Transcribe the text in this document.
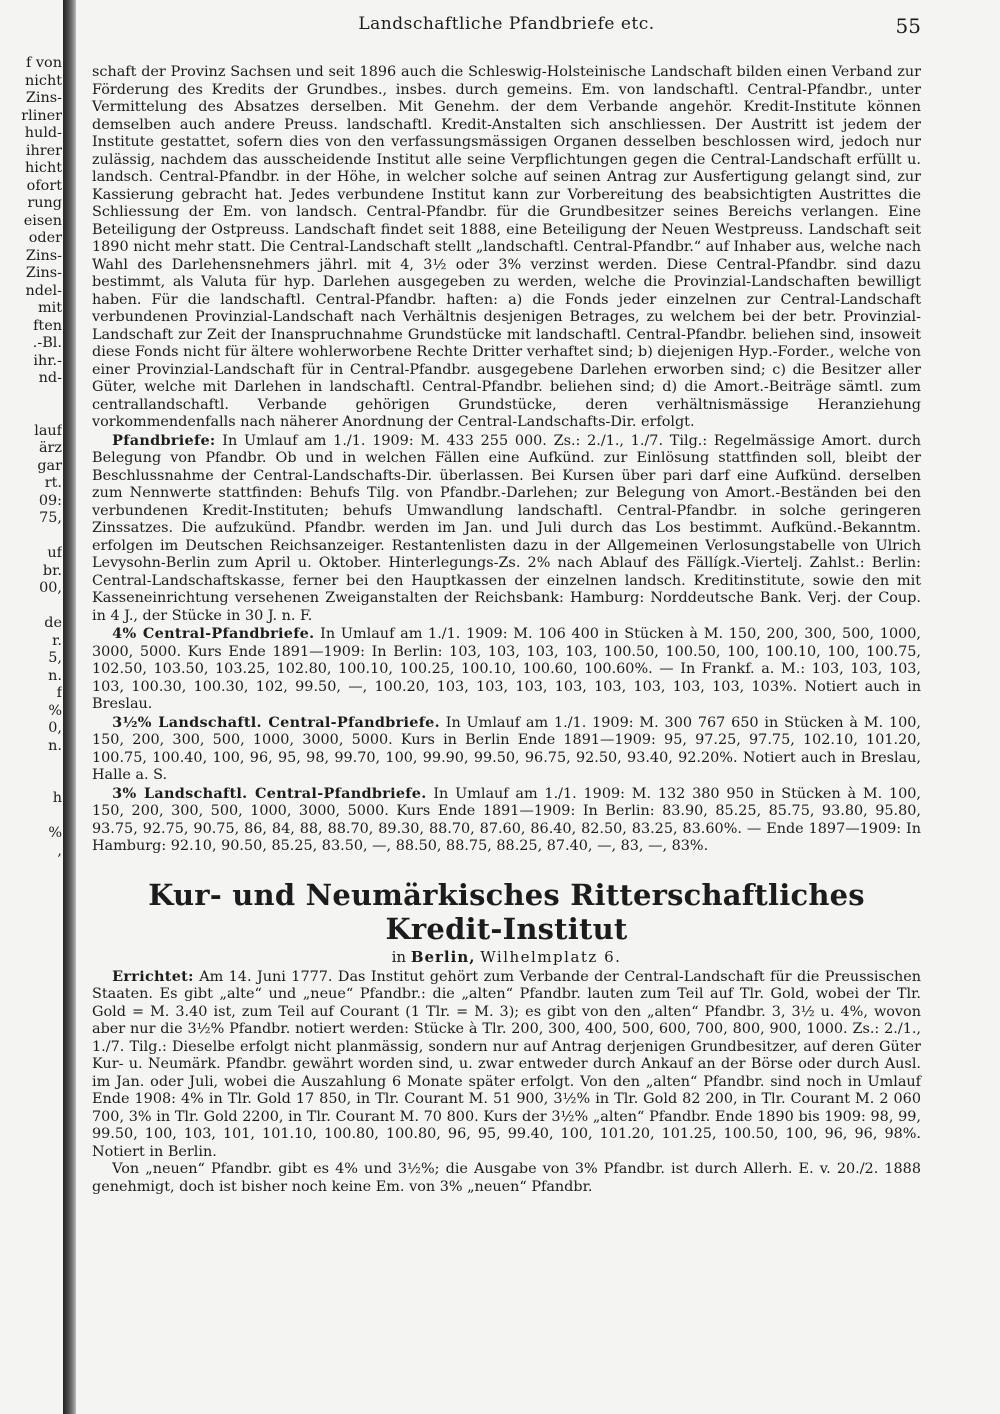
f von
nicht
Zins-
rliner
huld-
ihrer
hicht
ofort
rung
eisen
oder
Zins-
Zins-
ndel-
mit
ften
.-Bl.
ihr.-
nd-

lauf
ärz
gar
rt.
09:
75,

uf
br.
00,

de
r.
5,
n.
f
%
0,
n.

h

%
,
Landschaftliche Pfandbriefe etc.	55

schaft der Provinz Sachsen und seit 1896 auch die Schleswig-Holsteinische Landschaft bilden einen Verband zur Förderung des Kredits der Grundbes., insbes. durch gemeins. Em. von landschaftl. Central-Pfandbr., unter Vermittelung des Absatzes derselben. Mit Genehm. der dem Verbande angehör. Kredit-Institute können demselben auch andere Preuss. landschaftl. Kredit-Anstalten sich anschliessen. Der Austritt ist jedem der Institute gestattet, sofern dies von den verfassungsmässigen Organen desselben beschlossen wird, jedoch nur zulässig, nachdem das ausscheidende Institut alle seine Verpflichtungen gegen die Central-Landschaft erfüllt u. landsch. Central-Pfandbr. in der Höhe, in welcher solche auf seinen Antrag zur Ausfertigung gelangt sind, zur Kassierung gebracht hat. Jedes verbundene Institut kann zur Vorbereitung des beabsichtigten Austrittes die Schliessung der Em. von landsch. Central-Pfandbr. für die Grundbesitzer seines Bereichs verlangen. Eine Beteiligung der Ostpreuss. Landschaft findet seit 1888, eine Beteiligung der Neuen Westpreuss. Landschaft seit 1890 nicht mehr statt. Die Central-Landschaft stellt „landschaftl. Central-Pfandbr.“ auf Inhaber aus, welche nach Wahl des Darlehensnehmers jährl. mit 4, 3½ oder 3% verzinst werden. Diese Central-Pfandbr. sind dazu bestimmt, als Valuta für hyp. Darlehen ausgegeben zu werden, welche die Provinzial-Landschaften bewilligt haben. Für die landschaftl. Central-Pfandbr. haften: a) die Fonds jeder einzelnen zur Central-Landschaft verbundenen Provinzial-Landschaft nach Verhältnis desjenigen Betrages, zu welchem bei der betr. Provinzial-Landschaft zur Zeit der Inanspruchnahme Grundstücke mit landschaftl. Central-Pfandbr. beliehen sind, insoweit diese Fonds nicht für ältere wohlerworbene Rechte Dritter verhaftet sind; b) diejenigen Hyp.-Forder., welche von einer Provinzial-Landschaft für in Central-Pfandbr. ausgegebene Darlehen erworben sind; c) die Besitzer aller Güter, welche mit Darlehen in landschaftl. Central-Pfandbr. beliehen sind; d) die Amort.-Beiträge sämtl. zum centrallandschaftl. Verbande gehörigen Grundstücke, deren verhältnismässige Heranziehung vorkommendenfalls nach näherer Anordnung der Central-Landschafts-Dir. erfolgt.

Pfandbriefe: In Umlauf am 1./1. 1909: M. 433 255 000. Zs.: 2./1., 1./7. Tilg.: Regelmässige Amort. durch Belegung von Pfandbr. Ob und in welchen Fällen eine Aufkünd. zur Einlösung stattfinden soll, bleibt der Beschlussnahme der Central-Landschafts-Dir. überlassen. Bei Kursen über pari darf eine Aufkünd. derselben zum Nennwerte stattfinden: Behufs Tilg. von Pfandbr.-Darlehen; zur Belegung von Amort.-Beständen bei den verbundenen Kredit-Instituten; behufs Umwandlung landschaftl. Central-Pfandbr. in solche geringeren Zinssatzes. Die aufzukünd. Pfandbr. werden im Jan. und Juli durch das Los bestimmt. Aufkünd.-Bekanntm. erfolgen im Deutschen Reichsanzeiger. Restantenlisten dazu in der Allgemeinen Verlosungstabelle von Ulrich Levysohn-Berlin zum April u. Oktober. Hinterlegungs-Zs. 2% nach Ablauf des Fällígk.-Viertelj. Zahlst.: Berlin: Central-Landschaftskasse, ferner bei den Hauptkassen der einzelnen landsch. Kreditinstitute, sowie den mit Kasseneinrichtung versehenen Zweiganstalten der Reichsbank: Hamburg: Norddeutsche Bank. Verj. der Coup. in 4 J., der Stücke in 30 J. n. F.

4% Central-Pfandbriefe. In Umlauf am 1./1. 1909: M. 106 400 in Stücken à M. 150, 200, 300, 500, 1000, 3000, 5000. Kurs Ende 1891—1909: In Berlin: 103, 103, 103, 103, 100.50, 100.50, 100, 100.10, 100, 100.75, 102.50, 103.50, 103.25, 102.80, 100.10, 100.25, 100.10, 100.60, 100.60%. — In Frankf. a. M.: 103, 103, 103, 103, 100.30, 100.30, 102, 99.50, —, 100.20, 103, 103, 103, 103, 103, 103, 103, 103, 103%. Notiert auch in Breslau.

3½% Landschaftl. Central-Pfandbriefe. In Umlauf am 1./1. 1909: M. 300 767 650 in Stücken à M. 100, 150, 200, 300, 500, 1000, 3000, 5000. Kurs in Berlin Ende 1891—1909: 95, 97.25, 97.75, 102.10, 101.20, 100.75, 100.40, 100, 96, 95, 98, 99.70, 100, 99.90, 99.50, 96.75, 92.50, 93.40, 92.20%. Notiert auch in Breslau, Halle a. S.

3% Landschaftl. Central-Pfandbriefe. In Umlauf am 1./1. 1909: M. 132 380 950 in Stücken à M. 100, 150, 200, 300, 500, 1000, 3000, 5000. Kurs Ende 1891—1909: In Berlin: 83.90, 85.25, 85.75, 93.80, 95.80, 93.75, 92.75, 90.75, 86, 84, 88, 88.70, 89.30, 88.70, 87.60, 86.40, 82.50, 83.25, 83.60%. — Ende 1897—1909: In Hamburg: 92.10, 90.50, 85.25, 83.50, —, 88.50, 88.75, 88.25, 87.40, —, 83, —, 83%.

Kur- und Neumärkisches Ritterschaftliches Kredit-Institut
in Berlin, Wilhelmplatz 6.

Errichtet: Am 14. Juni 1777. Das Institut gehört zum Verbande der Central-Landschaft für die Preussischen Staaten. Es gibt „alte“ und „neue“ Pfandbr.: die „alten“ Pfandbr. lauten zum Teil auf Tlr. Gold, wobei der Tlr. Gold = M. 3.40 ist, zum Teil auf Courant (1 Tlr. = M. 3); es gibt von den „alten“ Pfandbr. 3, 3½ u. 4%, wovon aber nur die 3½% Pfandbr. notiert werden: Stücke à Tlr. 200, 300, 400, 500, 600, 700, 800, 900, 1000. Zs.: 2./1., 1./7. Tilg.: Dieselbe erfolgt nicht planmässig, sondern nur auf Antrag derjenigen Grundbesitzer, auf deren Güter Kur- u. Neumärk. Pfandbr. gewährt worden sind, u. zwar entweder durch Ankauf an der Börse oder durch Ausl. im Jan. oder Juli, wobei die Auszahlung 6 Monate später erfolgt. Von den „alten“ Pfandbr. sind noch in Umlauf Ende 1908: 4% in Tlr. Gold 17 850, in Tlr. Courant M. 51 900, 3½% in Tlr. Gold 82 200, in Tlr. Courant M. 2 060 700, 3% in Tlr. Gold 2200, in Tlr. Courant M. 70 800. Kurs der 3½% „alten“ Pfandbr. Ende 1890 bis 1909: 98, 99, 99.50, 100, 103, 101, 101.10, 100.80, 100.80, 96, 95, 99.40, 100, 101.20, 101.25, 100.50, 100, 96, 96, 98%. Notiert in Berlin.

Von „neuen“ Pfandbr. gibt es 4% und 3½%; die Ausgabe von 3% Pfandbr. ist durch Allerh. E. v. 20./2. 1888 genehmigt, doch ist bisher noch keine Em. von 3% „neuen“ Pfandbr.
